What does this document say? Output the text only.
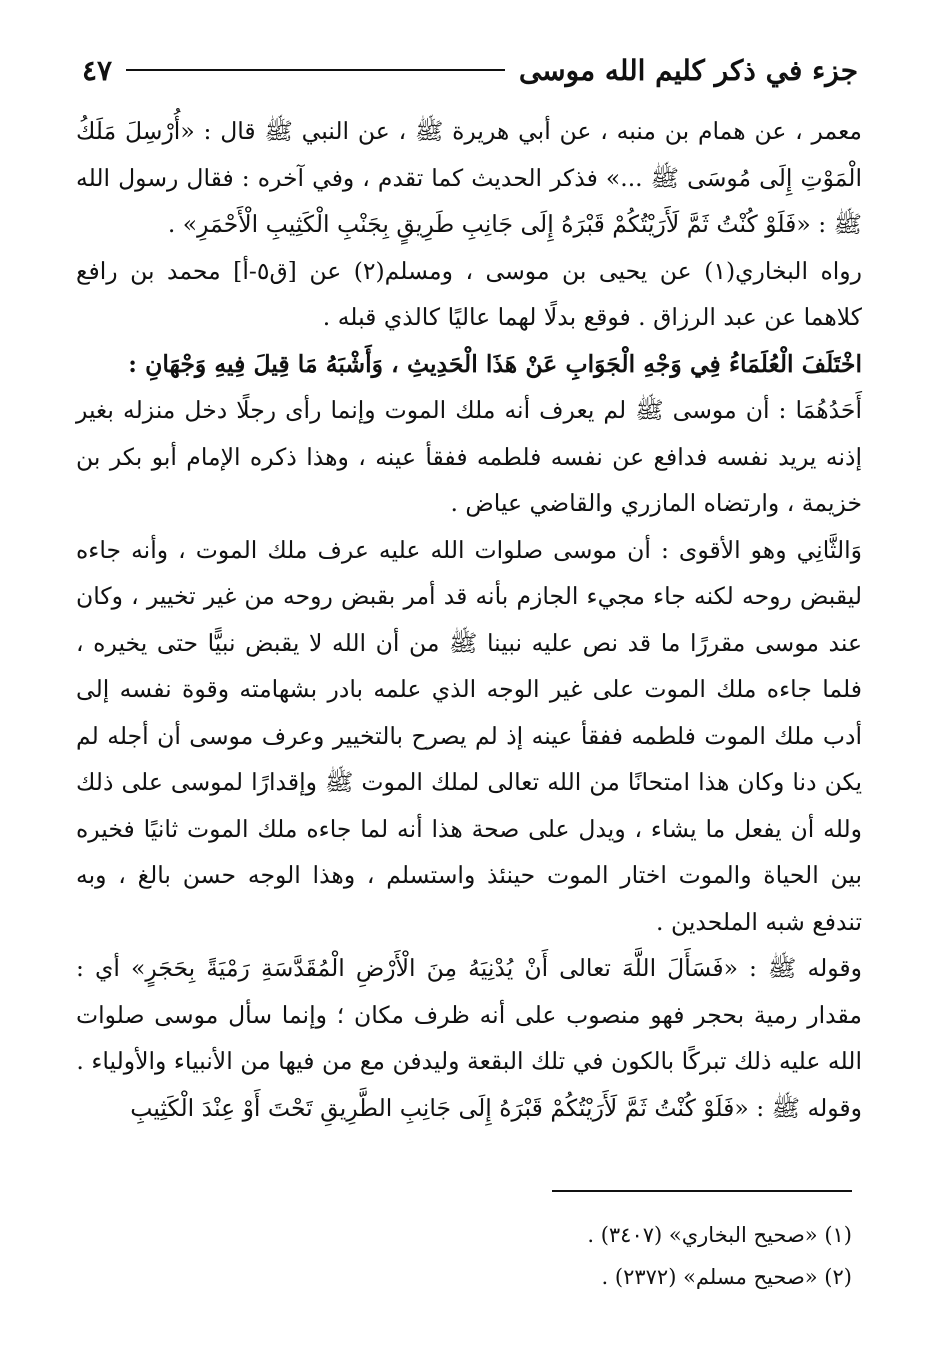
جزء في ذكر كليم الله موسى
٤٧

معمر ، عن همام بن منبه ، عن أبي هريرة ﷺ ، عن النبي ﷺ قال : «أُرْسِلَ مَلَكُ الْمَوْتِ إِلَى مُوسَى ﷺ ...» فذكر الحديث كما تقدم ، وفي آخره : فقال رسول الله ﷺ : «فَلَوْ كُنْتُ ثَمَّ لَأَرَيْتُكُمْ قَبْرَهُ إِلَى جَانِبِ طَرِيقٍ بِجَنْبِ الْكَثِيبِ الْأَحْمَرِ» .

رواه البخاري(١) عن يحيى بن موسى ، ومسلم(٢) عن [ق٥-أ] محمد بن رافع كلاهما عن عبد الرزاق . فوقع بدلًا لهما عاليًا كالذي قبله .

اخْتَلَفَ الْعُلَمَاءُ فِي وَجْهِ الْجَوَابِ عَنْ هَذَا الْحَدِيثِ ، وَأَشْبَهُ مَا قِيلَ فِيهِ وَجْهَانِ :

أَحَدُهُمَا : أن موسى ﷺ لم يعرف أنه ملك الموت وإنما رأى رجلًا دخل منزله بغير إذنه يريد نفسه فدافع عن نفسه فلطمه ففقأ عينه ، وهذا ذكره الإمام أبو بكر بن خزيمة ، وارتضاه المازري والقاضي عياض .

وَالثَّانِي وهو الأقوى : أن موسى صلوات الله عليه عرف ملك الموت ، وأنه جاءه ليقبض روحه لكنه جاء مجيء الجازم بأنه قد أمر بقبض روحه من غير تخيير ، وكان عند موسى مقررًا ما قد نص عليه نبينا ﷺ من أن الله لا يقبض نبيًّا حتى يخيره ، فلما جاءه ملك الموت على غير الوجه الذي علمه بادر بشهامته وقوة نفسه إلى أدب ملك الموت فلطمه ففقأ عينه إذ لم يصرح بالتخيير وعرف موسى أن أجله لم يكن دنا وكان هذا امتحانًا من الله تعالى لملك الموت ﷺ وإقدارًا لموسى على ذلك ولله أن يفعل ما يشاء ، ويدل على صحة هذا أنه لما جاءه ملك الموت ثانيًا فخيره بين الحياة والموت اختار الموت حينئذ واستسلم ، وهذا الوجه حسن بالغ ، وبه تندفع شبه الملحدين .

وقوله ﷺ : «فَسَأَلَ اللَّهَ تعالى أَنْ يُدْنِيَهُ مِنَ الْأَرْضِ الْمُقَدَّسَةِ رَمْيَةً بِحَجَرٍ» أي : مقدار رمية بحجر فهو منصوب على أنه ظرف مكان ؛ وإنما سأل موسى صلوات الله عليه ذلك تبركًا بالكون في تلك البقعة وليدفن مع من فيها من الأنبياء والأولياء .

وقوله ﷺ : «فَلَوْ كُنْتُ ثَمَّ لَأَرَيْتُكُمْ قَبْرَهُ إِلَى جَانِبِ الطَّرِيقِ تَحْتَ أَوْ عِنْدَ الْكَثِيبِ

(١) «صحيح البخاري» (٣٤٠٧) .

(٢) «صحيح مسلم» (٢٣٧٢) .
